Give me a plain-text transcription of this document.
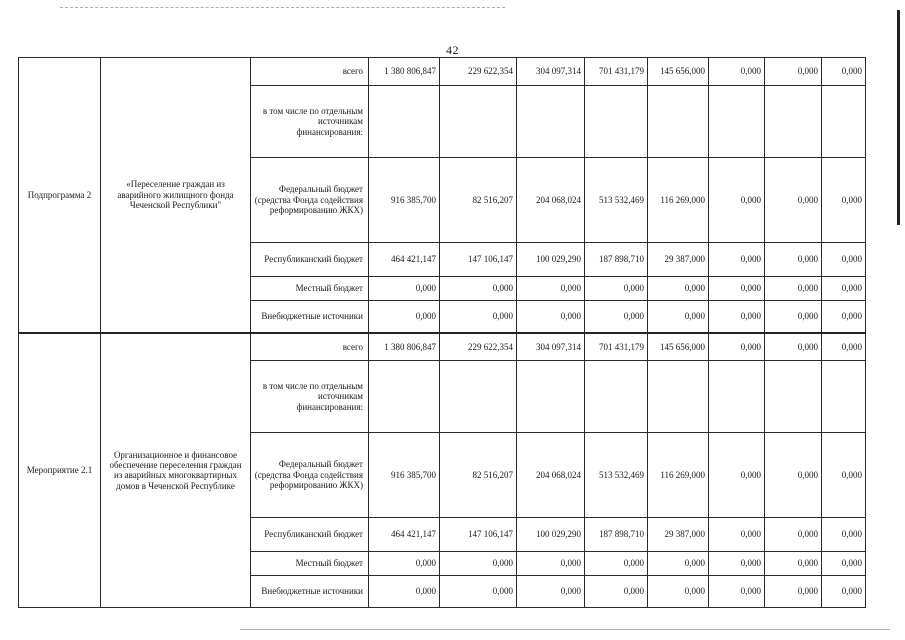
42
Подпрограмма 2	«Переселение граждан из аварийного жилищного фонда Чеченской Республики"	всего	1 380 806,847	229 622,354	304 097,314	701 431,179	145 656,000	0,000	0,000	0,000
		в том числе по отдельным источникам финансирования:								
		Федеральный бюджет (средства Фонда содействия реформированию ЖКХ)	916 385,700	82 516,207	204 068,024	513 532,469	116 269,000	0,000	0,000	0,000
		Республиканский бюджет	464 421,147	147 106,147	100 029,290	187 898,710	29 387,000	0,000	0,000	0,000
		Местный бюджет	0,000	0,000	0,000	0,000	0,000	0,000	0,000	0,000
		Внебюджетные источники	0,000	0,000	0,000	0,000	0,000	0,000	0,000	0,000
Мероприятие 2.1	Организационное и финансовое обеспечение переселения граждан из аварийных многоквартирных домов в Чеченской Республике	всего	1 380 806,847	229 622,354	304 097,314	701 431,179	145 656,000	0,000	0,000	0,000
		в том числе по отдельным источникам финансирования:								
		Федеральный бюджет (средства Фонда содействия реформированию ЖКХ)	916 385,700	82 516,207	204 068,024	513 532,469	116 269,000	0,000	0,000	0,000
		Республиканский бюджет	464 421,147	147 106,147	100 029,290	187 898,710	29 387,000	0,000	0,000	0,000
		Местный бюджет	0,000	0,000	0,000	0,000	0,000	0,000	0,000	0,000
		Внебюджетные источники	0,000	0,000	0,000	0,000	0,000	0,000	0,000	0,000
